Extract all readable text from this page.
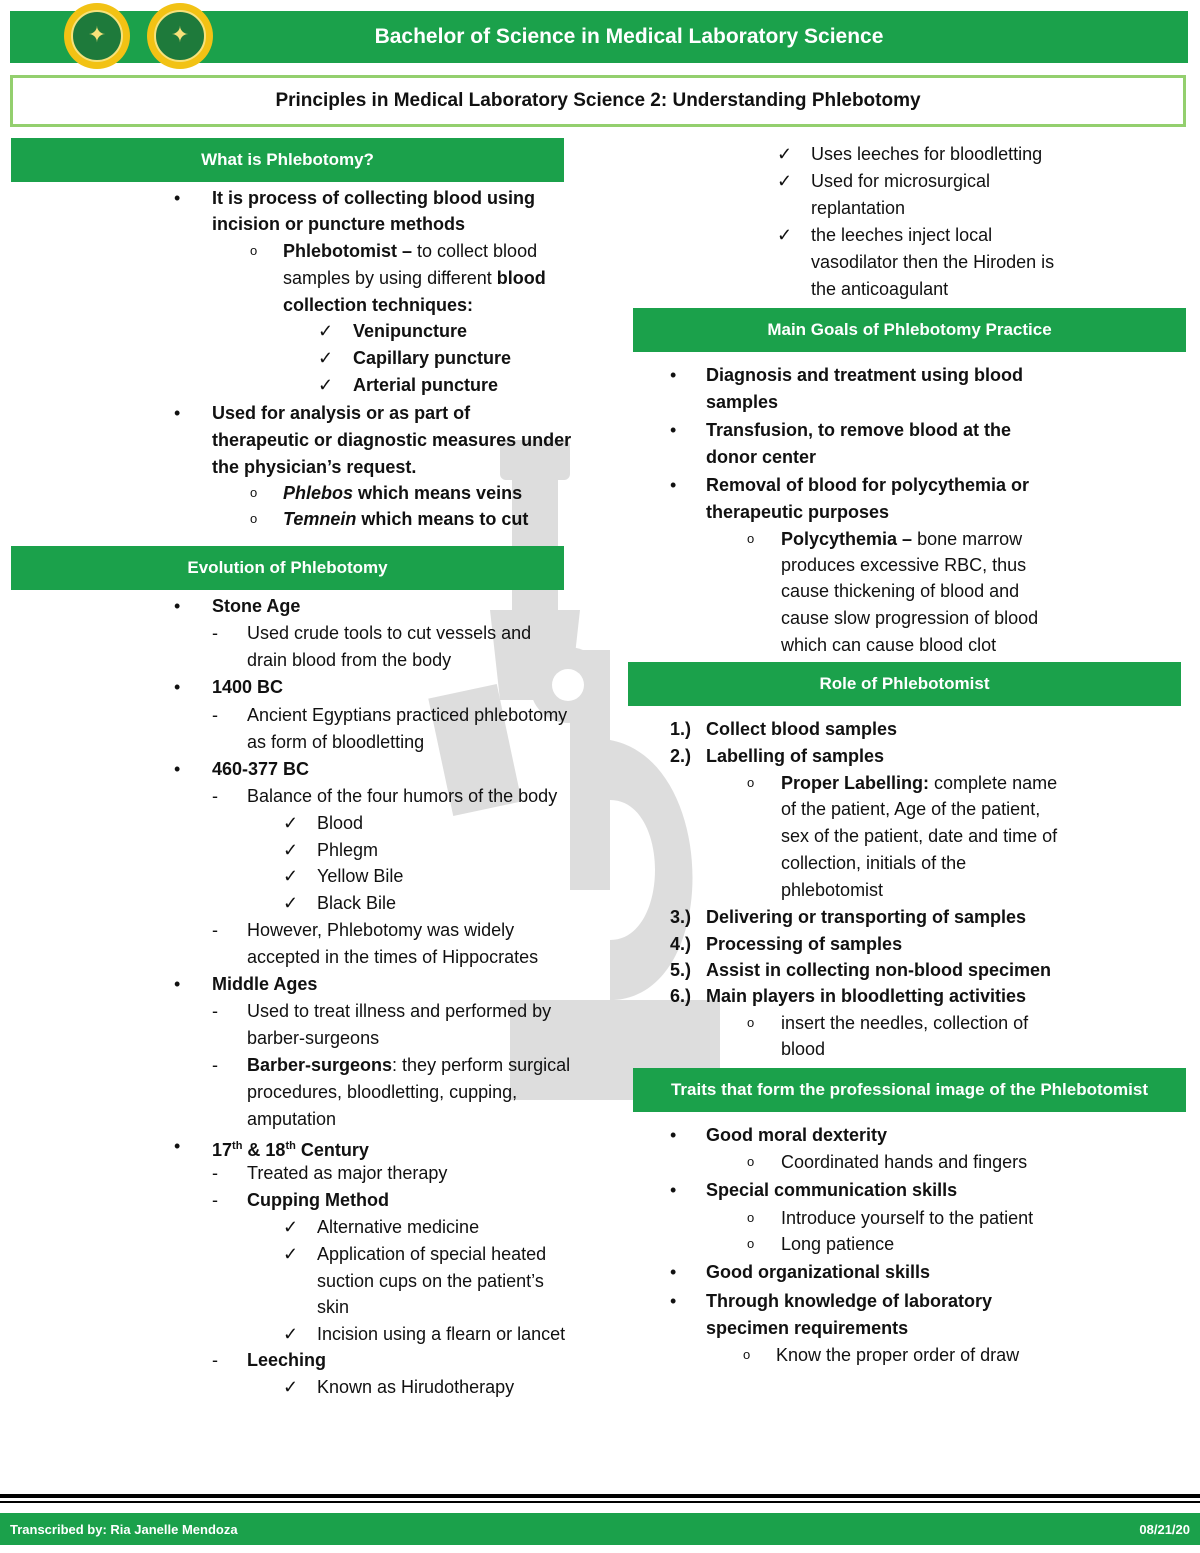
Bachelor of Science in Medical Laboratory Science
✦	✦
Principles in Medical Laboratory Science 2: Understanding Phlebotomy
What is Phlebotomy?
• It is process of collecting blood using
incision or puncture methods
o Phlebotomist – to collect blood
samples by using different blood
collection techniques:
✓ Venipuncture
✓ Capillary puncture
✓ Arterial puncture
• Used for analysis or as part of
therapeutic or diagnostic measures under
the physician’s request.
o Phlebos which means veins
o Temnein which means to cut
Evolution of Phlebotomy
• Stone Age
- Used crude tools to cut vessels and
drain blood from the body
• 1400 BC
- Ancient Egyptians practiced phlebotomy
as form of bloodletting
• 460-377 BC
- Balance of the four humors of the body
✓ Blood
✓ Phlegm
✓ Yellow Bile
✓ Black Bile
- However, Phlebotomy was widely
accepted in the times of Hippocrates
• Middle Ages
- Used to treat illness and performed by
barber-surgeons
- Barber-surgeons: they perform surgical
procedures, bloodletting, cupping,
amputation
• 17th & 18th Century
- Treated as major therapy
- Cupping Method
✓ Alternative medicine
✓ Application of special heated
suction cups on the patient’s
skin
✓ Incision using a flearn or lancet
- Leeching
✓ Known as Hirudotherapy
✓ Uses leeches for bloodletting
✓ Used for microsurgical
replantation
✓ the leeches inject local
vasodilator then the Hiroden is
the anticoagulant
Main Goals of Phlebotomy Practice
• Diagnosis and treatment using blood
samples
• Transfusion, to remove blood at the
donor center
• Removal of blood for polycythemia or
therapeutic purposes
o Polycythemia – bone marrow
produces excessive RBC, thus
cause thickening of blood and
cause slow progression of blood
which can cause blood clot
Role of Phlebotomist
1.) Collect blood samples
2.) Labelling of samples
o Proper Labelling: complete name
of the patient, Age of the patient,
sex of the patient, date and time of
collection, initials of the
phlebotomist
3.) Delivering or transporting of samples
4.) Processing of samples
5.) Assist in collecting non-blood specimen
6.) Main players in bloodletting activities
o insert the needles, collection of
blood
Traits that form the professional image of the Phlebotomist
• Good moral dexterity
o Coordinated hands and fingers
• Special communication skills
o Introduce yourself to the patient
o Long patience
• Good organizational skills
• Through knowledge of laboratory
specimen requirements
o Know the proper order of draw
Transcribed by: Ria Janelle Mendoza	08/21/20
